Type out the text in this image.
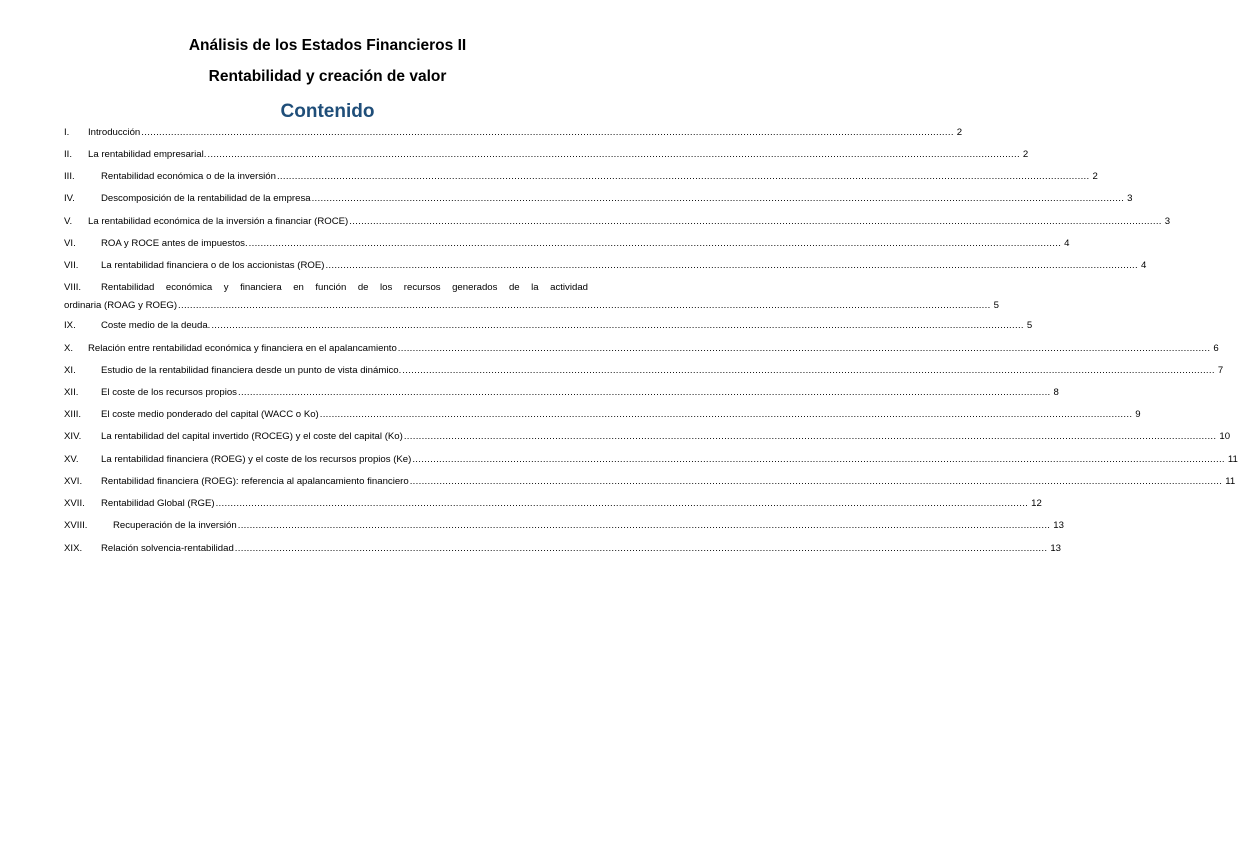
Análisis de los Estados Financieros II
Rentabilidad y creación de valor
Contenido
I.	Introducción .....	2
II.	La rentabilidad empresarial. .....	2
III.	Rentabilidad económica o de la inversión .....	2
IV.	Descomposición de la rentabilidad de la empresa .....	3
V.	La rentabilidad económica de la inversión a financiar (ROCE) .....	3
VI.	ROA y ROCE antes de impuestos. .....	4
VII.	La rentabilidad financiera o de los accionistas (ROE) .....	4
VIII.	Rentabilidad económica y financiera en función de los recursos generados de la actividad
ordinaria (ROAG y ROEG) .....	5
IX.	Coste medio de la deuda. .....	5
X.	Relación entre rentabilidad económica y financiera en el apalancamiento .....	6
XI.	Estudio de la rentabilidad financiera desde un punto de vista dinámico. .....	7
XII.	El coste de los recursos propios .....	8
XIII.	El coste medio ponderado del capital (WACC o Ko) .....	9
XIV.	La rentabilidad del capital invertido (ROCEG) y el coste del capital (Ko) .....	10
XV.	La rentabilidad financiera (ROEG) y el coste de los recursos propios (Ke) .....	11
XVI.	Rentabilidad financiera (ROEG): referencia al apalancamiento financiero .....	11
XVII.	Rentabilidad Global (RGE) .....	12
XVIII.	Recuperación de la inversión .....	13
XIX.	Relación solvencia-rentabilidad .....	13
